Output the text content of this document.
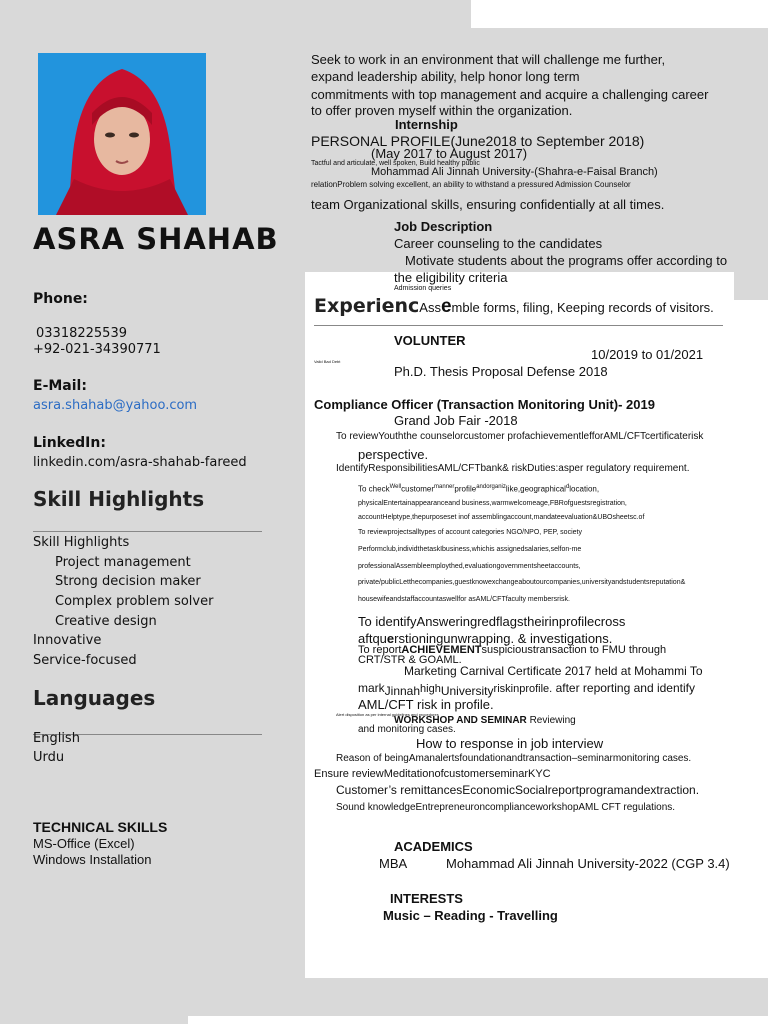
ASRA SHAHAB
Phone:
03318225539
+92-021-34390771
E-Mail:
asra.shahab@yahoo.com
LinkedIn:
linkedin.com/asra-shahab-fareed
Skill Highlights
Skill Highlights
Project management
Strong decision maker
Complex problem solver
Creative design
Innovative
Service-focused
Languages
English
Urdu
TECHNICAL SKILLS
MS-Office (Excel)
Windows Installation
Seek to work in an environment that will challenge me further,
expand leadership ability, help honor long term
commitments with top management and acquire a challenging career
to offer proven myself within the organization.
Internship
PERSONAL PROFILE(June2018 to September 2018)
(May 2017 to August 2017)
Tactful and articulate, well spoken, Build healthy public
Mohammad Ali Jinnah University-(Shahra-e-Faisal Branch)
relationProblem solving excellent, an ability to withstand a pressured Admission Counselor
team Organizational skills, ensuring confidentially at all times.
Job Description
Career counseling to the candidates
Motivate students about the programs offer according to
the eligibility criteria
Admission queries
ExperiencAssemble forms, filing, Keeping records of visitors.
VOLUNTER
Valid Bad Debt	10/2019 to 01/2021
Ph.D. Thesis Proposal Defense 2018
Compliance Officer (Transaction Monitoring Unit)- 2019
Grand Job Fair -2018
To reviewYouththe counselorcustomer profachievementlefforAML/CFTcertificaterisk
perspective.
IdentifyResponsibilitiesAML/CFTbank& riskDuties:asper regulatory requirement.
To check$^{Well}$customer$^{manner}$profile$^{andorganiz}$like,geographical$^d$location,
physicalEntertainappearanceand business,warmwelcomeage,FBRofguestsregistration,
accountHelptype,thepurposeset inof assemblingaccount,mandateevaluation&UBOsheetsc.of
To reviewprojectsalltypes of account categories NGO/NPO, PEP, society
Performclub,individthetaskIbusiness,whichis assignedsalaries,selfon-me
professionalAssembleemploythed,evaluationgovernmentsheetaccounts,
private/publicLetthecompanies,guestknowexchangeaboutourcompanies,universityandstudentsreputation&
housewifeandstaffaccountaswellfor asAML/CFTfaculty membersrisk.
To identifyAnsweringredflagstheirinprofilecross
aftquerstioningunwrapping. & investigations.
To reportACHIEVEMENTsuspicioustransaction to FMU through
CRT/STR & GOAML.
Marketing Carnival Certificate 2017 held at Mohammi To
markJinnahhighUniversityriskinprofile. after reporting and identify
AML/CFT risk in profile.
Alert disposition as per internal guidelines and procedures
WORKSHOP AND SEMINAR Reviewing
and monitoring cases.
How to response in job interview
Reason of beingAmanalertsfoundationandtransaction–seminarmonitoring cases.
Ensure reviewMeditationofcustomerseminarKYC
Customer’s remittancesEconomicSocialreportprogramandextraction.
Sound knowledgeEntrepreneuroncomplianceworkshopAML CFT regulations.
ACADEMICS
MBA	Mohammad Ali Jinnah University-2022 (CGP 3.4)
INTERESTS
Music – Reading - Travelling
